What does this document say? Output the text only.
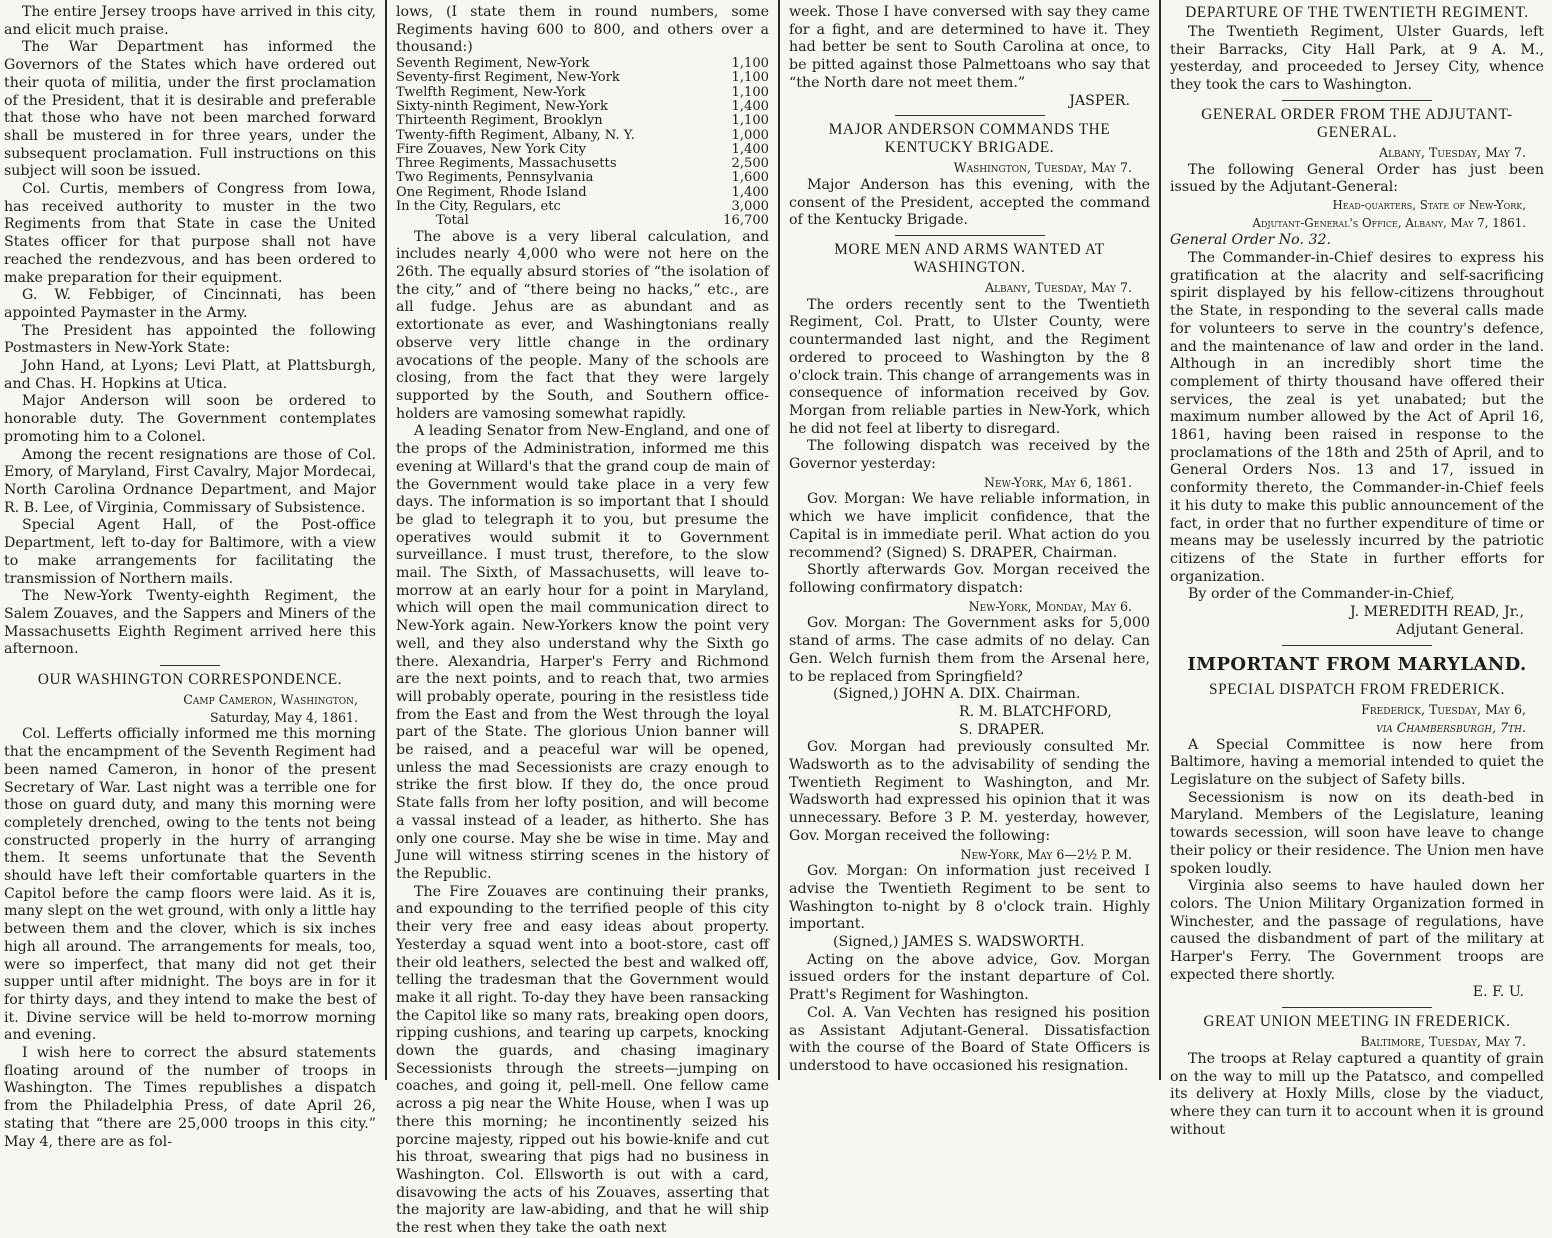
The entire Jersey troops have arrived in this city, and elicit much praise.

The War Department has informed the Governors of the States which have ordered out their quota of militia, under the first proclamation of the President, that it is desirable and preferable that those who have not been marched forward shall be mustered in for three years, under the subsequent proclamation. Full instructions on this subject will soon be issued.

Col. Curtis, members of Congress from Iowa, has received authority to muster in the two Regiments from that State in case the United States officer for that purpose shall not have reached the rendezvous, and has been ordered to make preparation for their equipment.

G. W. Febbiger, of Cincinnati, has been appointed Paymaster in the Army.

The President has appointed the following Postmasters in New-York State:

John Hand, at Lyons; Levi Platt, at Plattsburgh, and Chas. H. Hopkins at Utica.

Major Anderson will soon be ordered to honorable duty. The Government contemplates promoting him to a Colonel.

Among the recent resignations are those of Col. Emory, of Maryland, First Cavalry, Major Mordecai, North Carolina Ordnance Department, and Major R. B. Lee, of Virginia, Commissary of Subsistence.

Special Agent Hall, of the Post-office Department, left to-day for Baltimore, with a view to make arrangements for facilitating the transmission of Northern mails.

The New-York Twenty-eighth Regiment, the Salem Zouaves, and the Sappers and Miners of the Massachusetts Eighth Regiment arrived here this afternoon.

OUR WASHINGTON CORRESPONDENCE.
Camp Cameron, Washington,
Saturday, May 4, 1861.

Col. Lefferts officially informed me this morning that the encampment of the Seventh Regiment had been named Cameron, in honor of the present Secretary of War. Last night was a terrible one for those on guard duty, and many this morning were completely drenched, owing to the tents not being constructed properly in the hurry of arranging them. It seems unfortunate that the Seventh should have left their comfortable quarters in the Capitol before the camp floors were laid. As it is, many slept on the wet ground, with only a little hay between them and the clover, which is six inches high all around. The arrangements for meals, too, were so imperfect, that many did not get their supper until after midnight. The boys are in for it for thirty days, and they intend to make the best of it. Divine service will be held to-morrow morning and evening.

I wish here to correct the absurd statements floating around of the number of troops in Washington. The Times republishes a dispatch from the Philadelphia Press, of date April 26, stating that “there are 25,000 troops in this city.” May 4, there are as fol-

lows, (I state them in round numbers, some Regiments having 600 to 800, and others over a thousand:)

Seventh Regiment, New-York	1,100
Seventy-first Regiment, New-York	1,100
Twelfth Regiment, New-York	1,100
Sixty-ninth Regiment, New-York	1,400
Thirteenth Regiment, Brooklyn	1,100
Twenty-fifth Regiment, Albany, N. Y.	1,000
Fire Zouaves, New York City	1,400
Three Regiments, Massachusetts	2,500
Two Regiments, Pennsylvania	1,600
One Regiment, Rhode Island	1,400
In the City, Regulars, etc	3,000
Total	16,700

The above is a very liberal calculation, and includes nearly 4,000 who were not here on the 26th. The equally absurd stories of “the isolation of the city,” and of “there being no hacks,” etc., are all fudge. Jehus are as abundant and as extortionate as ever, and Washingtonians really observe very little change in the ordinary avocations of the people. Many of the schools are closing, from the fact that they were largely supported by the South, and Southern office-holders are vamosing somewhat rapidly.

A leading Senator from New-England, and one of the props of the Administration, informed me this evening at Willard's that the grand coup de main of the Government would take place in a very few days. The information is so important that I should be glad to telegraph it to you, but presume the operatives would submit it to Government surveillance. I must trust, therefore, to the slow mail. The Sixth, of Massachusetts, will leave to-morrow at an early hour for a point in Maryland, which will open the mail communication direct to New-York again. New-Yorkers know the point very well, and they also understand why the Sixth go there. Alexandria, Harper's Ferry and Richmond are the next points, and to reach that, two armies will probably operate, pouring in the resistless tide from the East and from the West through the loyal part of the State. The glorious Union banner will be raised, and a peaceful war will be opened, unless the mad Secessionists are crazy enough to strike the first blow. If they do, the once proud State falls from her lofty position, and will become a vassal instead of a leader, as hitherto. She has only one course. May she be wise in time. May and June will witness stirring scenes in the history of the Republic.

The Fire Zouaves are continuing their pranks, and expounding to the terrified people of this city their very free and easy ideas about property. Yesterday a squad went into a boot-store, cast off their old leathers, selected the best and walked off, telling the tradesman that the Government would make it all right. To-day they have been ransacking the Capitol like so many rats, breaking open doors, ripping cushions, and tearing up carpets, knocking down the guards, and chasing imaginary Secessionists through the streets—jumping on coaches, and going it, pell-mell. One fellow came across a pig near the White House, when I was up there this morning; he incontinently seized his porcine majesty, ripped out his bowie-knife and cut his throat, swearing that pigs had no business in Washington. Col. Ellsworth is out with a card, disavowing the acts of his Zouaves, asserting that the majority are law-abiding, and that he will ship the rest when they take the oath next

week. Those I have conversed with say they came for a fight, and are determined to have it. They had better be sent to South Carolina at once, to be pitted against those Palmettoans who say that “the North dare not meet them.”

JASPER.
MAJOR ANDERSON COMMANDS THE KENTUCKY BRIGADE.
Washington, Tuesday, May 7.

Major Anderson has this evening, with the consent of the President, accepted the command of the Kentucky Brigade.

MORE MEN AND ARMS WANTED AT WASHINGTON.
Albany, Tuesday, May 7.

The orders recently sent to the Twentieth Regiment, Col. Pratt, to Ulster County, were countermanded last night, and the Regiment ordered to proceed to Washington by the 8 o'clock train. This change of arrangements was in consequence of information received by Gov. Morgan from reliable parties in New-York, which he did not feel at liberty to disregard.

The following dispatch was received by the Governor yesterday:

New-York, May 6, 1861.

Gov. Morgan: We have reliable information, in which we have implicit confidence, that the Capital is in immediate peril. What action do you recommend? (Signed) S. DRAPER, Chairman.

Shortly afterwards Gov. Morgan received the following confirmatory dispatch:

New-York, Monday, May 6.

Gov. Morgan: The Government asks for 5,000 stand of arms. The case admits of no delay. Can Gen. Welch furnish them from the Arsenal here, to be replaced from Springfield?

(Signed,) JOHN A. DIX. Chairman.
R. M. BLATCHFORD,
S. DRAPER.

Gov. Morgan had previously consulted Mr. Wadsworth as to the advisability of sending the Twentieth Regiment to Washington, and Mr. Wadsworth had expressed his opinion that it was unnecessary. Before 3 P. M. yesterday, however, Gov. Morgan received the following:

New-York, May 6—2½ P. M.

Gov. Morgan: On information just received I advise the Twentieth Regiment to be sent to Washington to-night by 8 o'clock train. Highly important.

(Signed,) JAMES S. WADSWORTH.

Acting on the above advice, Gov. Morgan issued orders for the instant departure of Col. Pratt's Regiment for Washington.

Col. A. Van Vechten has resigned his position as Assistant Adjutant-General. Dissatisfaction with the course of the Board of State Officers is understood to have occasioned his resignation.

DEPARTURE OF THE TWENTIETH REGIMENT.

The Twentieth Regiment, Ulster Guards, left their Barracks, City Hall Park, at 9 A. M., yesterday, and proceeded to Jersey City, whence they took the cars to Washington.

GENERAL ORDER FROM THE ADJUTANT-GENERAL.
Albany, Tuesday, May 7.

The following General Order has just been issued by the Adjutant-General:

Head-quarters, State of New-York,
Adjutant-General's Office, Albany, May 7, 1861.
General Order No. 32.

The Commander-in-Chief desires to express his gratification at the alacrity and self-sacrificing spirit displayed by his fellow-citizens throughout the State, in responding to the several calls made for volunteers to serve in the country's defence, and the maintenance of law and order in the land. Although in an incredibly short time the complement of thirty thousand have offered their services, the zeal is yet unabated; but the maximum number allowed by the Act of April 16, 1861, having been raised in response to the proclamations of the 18th and 25th of April, and to General Orders Nos. 13 and 17, issued in conformity thereto, the Commander-in-Chief feels it his duty to make this public announcement of the fact, in order that no further expenditure of time or means may be uselessly incurred by the patriotic citizens of the State in further efforts for organization.

By order of the Commander-in-Chief,

J. MEREDITH READ, Jr.,
Adjutant General.
IMPORTANT FROM MARYLAND.
SPECIAL DISPATCH FROM FREDERICK.
Frederick, Tuesday, May 6,
via Chambersburgh, 7th.

A Special Committee is now here from Baltimore, having a memorial intended to quiet the Legislature on the subject of Safety bills.

Secessionism is now on its death-bed in Maryland. Members of the Legislature, leaning towards secession, will soon have leave to change their policy or their residence. The Union men have spoken loudly.

Virginia also seems to have hauled down her colors. The Union Military Organization formed in Winchester, and the passage of regulations, have caused the disbandment of part of the military at Harper's Ferry. The Government troops are expected there shortly.

E. F. U.
GREAT UNION MEETING IN FREDERICK.
Baltimore, Tuesday, May 7.

The troops at Relay captured a quantity of grain on the way to mill up the Patatsco, and compelled its delivery at Hoxly Mills, close by the viaduct, where they can turn it to account when it is ground without
